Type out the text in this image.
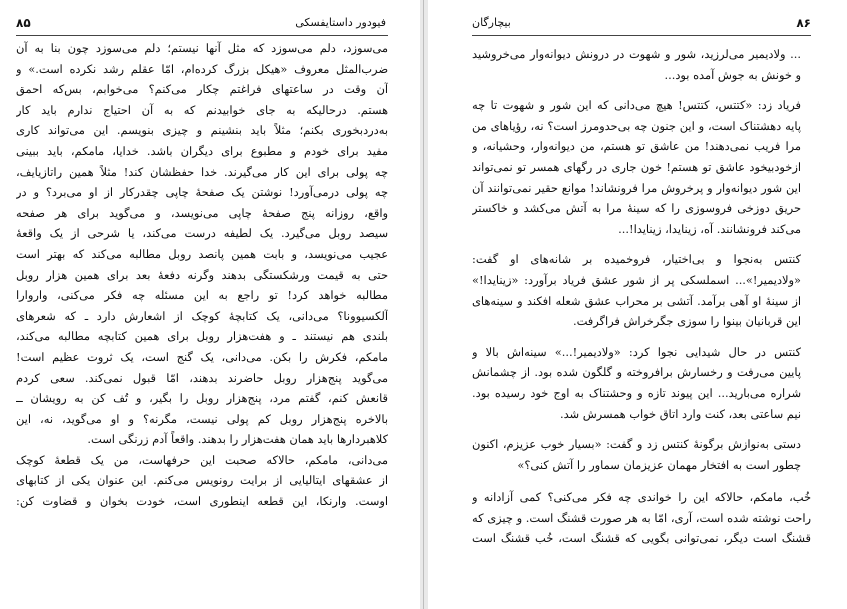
۸۵	فیودور داستایفسکی
می‌سوزد، دلم می‌سوزد که مثل آنها نیستم؛ دلم می‌سوزد چون بنا به آن
ضرب‌المثل معروف «هیکل بزرگ کرده‌ام، امّا عقلم رشد نکرده است.» و
آن وقت در ساعتهای فراغتم چکار می‌کنم؟ می‌خوابم، بس‌که احمق
هستم. درحالیکه به جای خوابیدنم که به آن احتیاج ندارم باید کار
به‌دردبخوری بکنم؛ مثلاً باید بنشینم و چیزی بنویسم. این می‌تواند کاری
مفید برای خودم و مطبوع برای دیگران باشد. خدایا، مامکم، باید ببینی
چه پولی برای این کار می‌گیرند. خدا حفظشان کند! مثلاً همین راتازیایف،
چه پولی درمی‌آورد! نوشتن یک صفحهٔ چاپی چقدرکار از او می‌برد؟ و در
واقع، روزانه پنج صفحهٔ چاپی می‌نویسد، و می‌گوید برای هر صفحه
سیصد روبل می‌گیرد. یک لطیفه درست می‌کند، یا شرحی از یک واقعهٔ
عجیب می‌نویسد، و بابت همین پانصد روبل مطالبه می‌کند که بهتر است
حتی به قیمت ورشکستگی بدهند وگرنه دفعهٔ بعد برای همین هزار روبل
مطالبه خواهد کرد! تو راجع به این مسئله چه فکر می‌کنی، واروارا
آلکسیوونا؟ می‌دانی، یک کتابچهٔ کوچک از اشعارش دارد ـ که شعرهای
بلندی هم نیستند ـ و هفت‌هزار روبل برای همین کتابچه مطالبه می‌کند،
مامکم، فکرش را بکن. می‌دانی، یک گنج است، یک ثروت عظیم است!
می‌گوید پنج‌هزار روبل حاضرند بدهند، امّا قبول نمی‌کند. سعی کردم
قانعش کنم، گفتم مرد، پنج‌هزار روبل را بگیر، و تُف کن به رویشان ــ
بالاخره پنج‌هزار روبل کم پولی نیست، مگرنه؟ و او می‌گوید، نه، این
کلاهبردارها باید همان هفت‌هزار را بدهند. واقعاً آدم زرنگی است.
می‌دانی، مامکم، حالاکه صحبت این حرفهاست، من یک قطعهٔ کوچک
از عشقهای ایتالیایی از برایت رونویس می‌کنم. این عنوان یکی از کتابهای
اوست. وارنکا، این قطعه اینطوری است، خودت بخوان و قضاوت کن:
بیچارگان	۸۶
... ولادیمیر می‌لرزید، شور و شهوت در درونش دیوانه‌وار می‌خروشید
و خونش به جوش آمده بود...
فریاد زد: «کتتس، کتتس! هیچ می‌دانی که این شور و شهوت تا چه
پایه دهشتناک است، و این جنون چه بی‌حدومرز است؟ نه، رؤیاهای من
مرا فریب نمی‌دهند! من عاشق تو هستم، من دیوانه‌وار، وحشیانه، و
ازخودبیخود عاشق تو هستم! خون جاری در رگهای همسر تو نمی‌تواند
این شور دیوانه‌وار و پرخروش مرا فرونشاند! موانع حقیر نمی‌توانند آن
حریق دوزخی فروسوزی را که سینهٔ مرا به آتش می‌کشد و خاکستر
می‌کند فرونشانند. آه، زینایدا، زینایدا!...
کنتس به‌نجوا و بی‌اختیار، فروخمیده بر شانه‌های او گفت:
«ولادیمیر!»... اسملسکی پر از شور عشق فریاد برآورد: «زینایدا!»
از سینهٔ او آهی برآمد. آتشی بر محراب عشق شعله افکند و سینه‌های
این قربانیان بینوا را سوزی جگرخراش فراگرفت.
کنتس در حال شیدایی نجوا کرد: «ولادیمیر!...» سینه‌اش بالا و
پایین می‌رفت و رخسارش برافروخته و گلگون شده بود. از چشمانش
شراره می‌بارید... این پیوند تازه و وحشتناک به اوج خود رسیده بود.
نیم ساعتی بعد، کنت وارد اتاق خواب همسرش شد.
دستی به‌نوازش برگونهٔ کنتس زد و گفت: «بسیار خوب عزیزم، اکنون
چطور است به افتخار مهمان عزیزمان سماور را آتش کنی؟»
خُب، مامکم، حالاکه این را خواندی چه فکر می‌کنی؟ کمی آزادانه و
راحت نوشته شده است، آری، امّا به هر صورت قشنگ است. و چیزی که
قشنگ است دیگر، نمی‌توانی بگویی که قشنگ است، خُب قشنگ است
